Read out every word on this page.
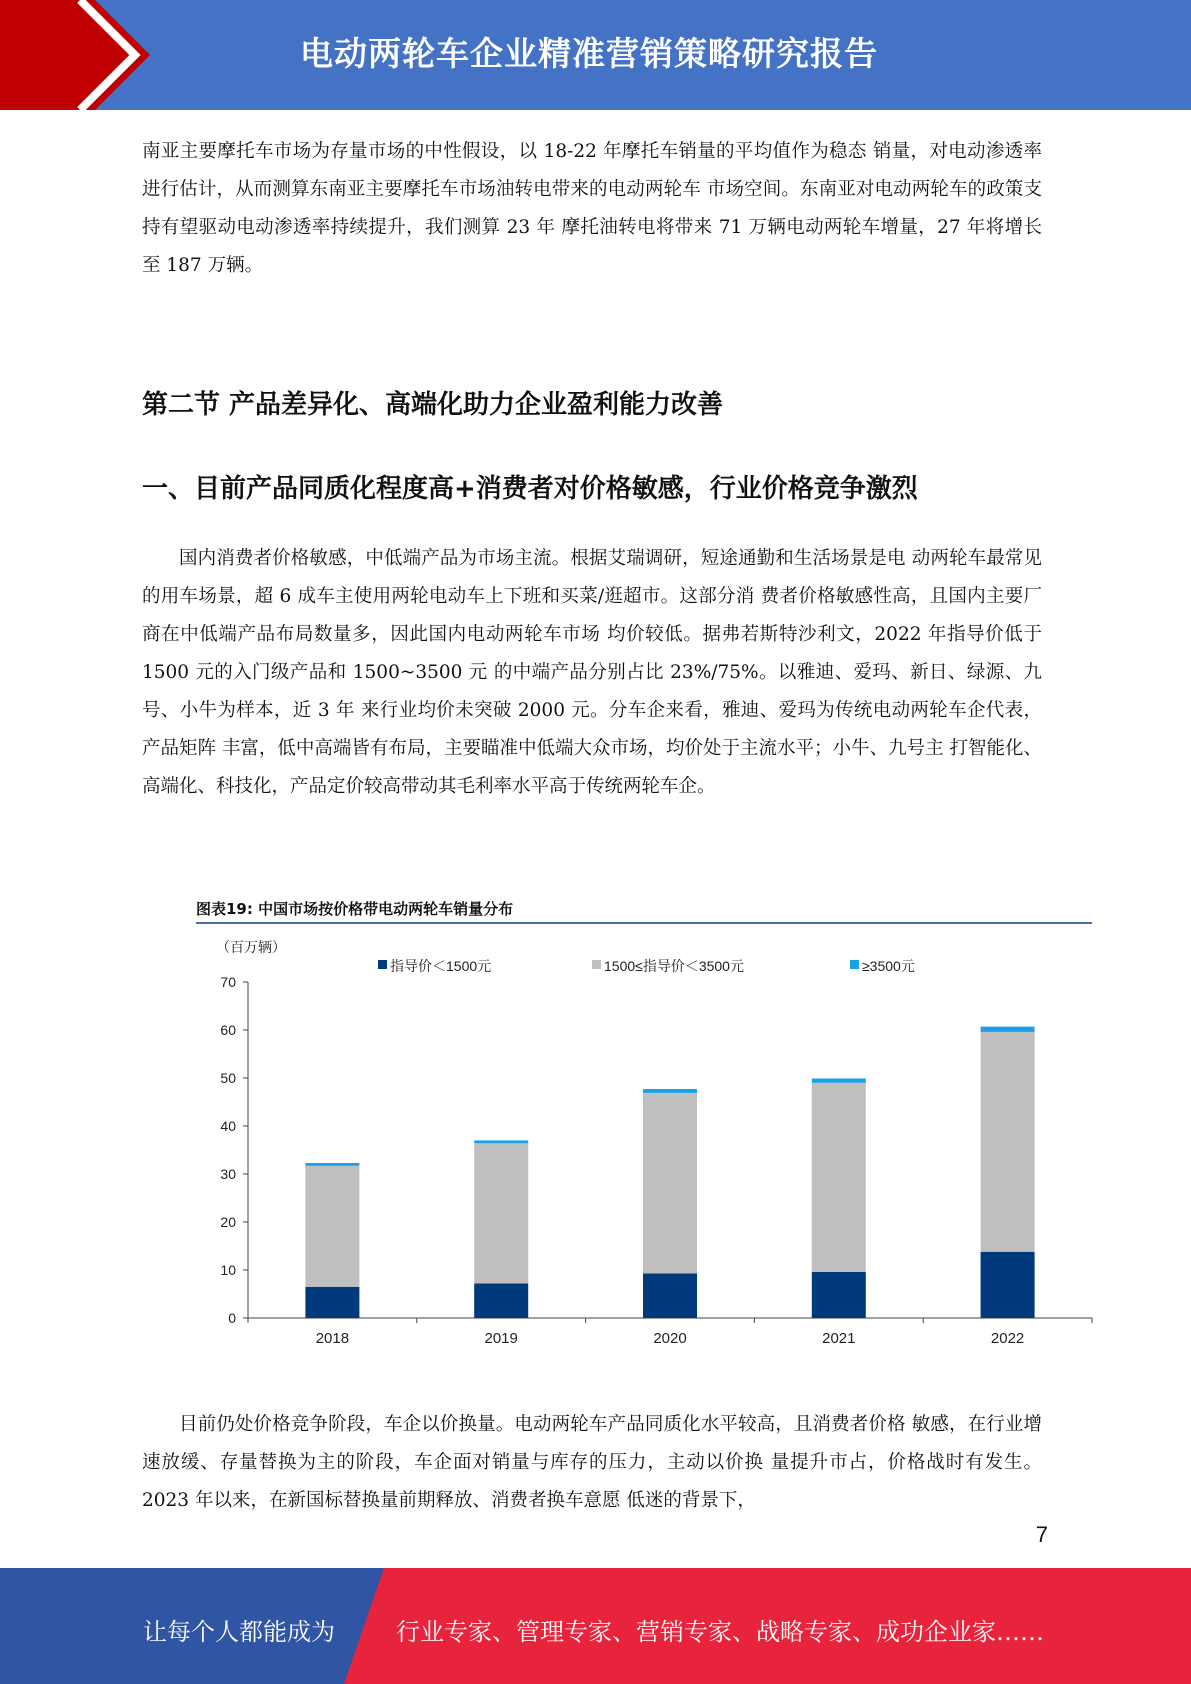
电动两轮车企业精准营销策略研究报告

南亚主要摩托车市场为存量市场的中性假设，以 18-22 年摩托车销量的平均值作为稳态 销量，对电动渗透率进行估计，从而测算东南亚主要摩托车市场油转电带来的电动两轮车 市场空间。东南亚对电动两轮车的政策支持有望驱动电动渗透率持续提升，我们测算 23 年 摩托油转电将带来 71 万辆电动两轮车增量，27 年将增长至 187 万辆。

第二节 产品差异化、高端化助力企业盈利能力改善
一、目前产品同质化程度高+消费者对价格敏感，行业价格竞争激烈

国内消费者价格敏感，中低端产品为市场主流。根据艾瑞调研，短途通勤和生活场景是电 动两轮车最常见的用车场景，超 6 成车主使用两轮电动车上下班和买菜/逛超市。这部分消 费者价格敏感性高，且国内主要厂商在中低端产品布局数量多，因此国内电动两轮车市场 均价较低。据弗若斯特沙利文，2022 年指导价低于 1500 元的入门级产品和 1500~3500 元 的中端产品分别占比 23%/75%。以雅迪、爱玛、新日、绿源、九号、小牛为样本，近 3 年 来行业均价未突破 2000 元。分车企来看，雅迪、爱玛为传统电动两轮车企代表，产品矩阵 丰富，低中高端皆有布局，主要瞄准中低端大众市场，均价处于主流水平；小牛、九号主 打智能化、高端化、科技化，产品定价较高带动其毛利率水平高于传统两轮车企。

图表19: 中国市场按价格带电动两轮车销量分布
（百万辆）
指导价＜1500元	1500≤指导价＜3500元	≥3500元
0
10
20
30
40
50
60
70
2018	2019	2020	2021	2022
7

目前仍处价格竞争阶段，车企以价换量。电动两轮车产品同质化水平较高，且消费者价格 敏感，在行业增速放缓、存量替换为主的阶段，车企面对销量与库存的压力，主动以价换 量提升市占，价格战时有发生。2023 年以来，在新国标替换量前期释放、消费者换车意愿 低迷的背景下，

让每个人都能成为	行业专家、管理专家、营销专家、战略专家、成功企业家……
